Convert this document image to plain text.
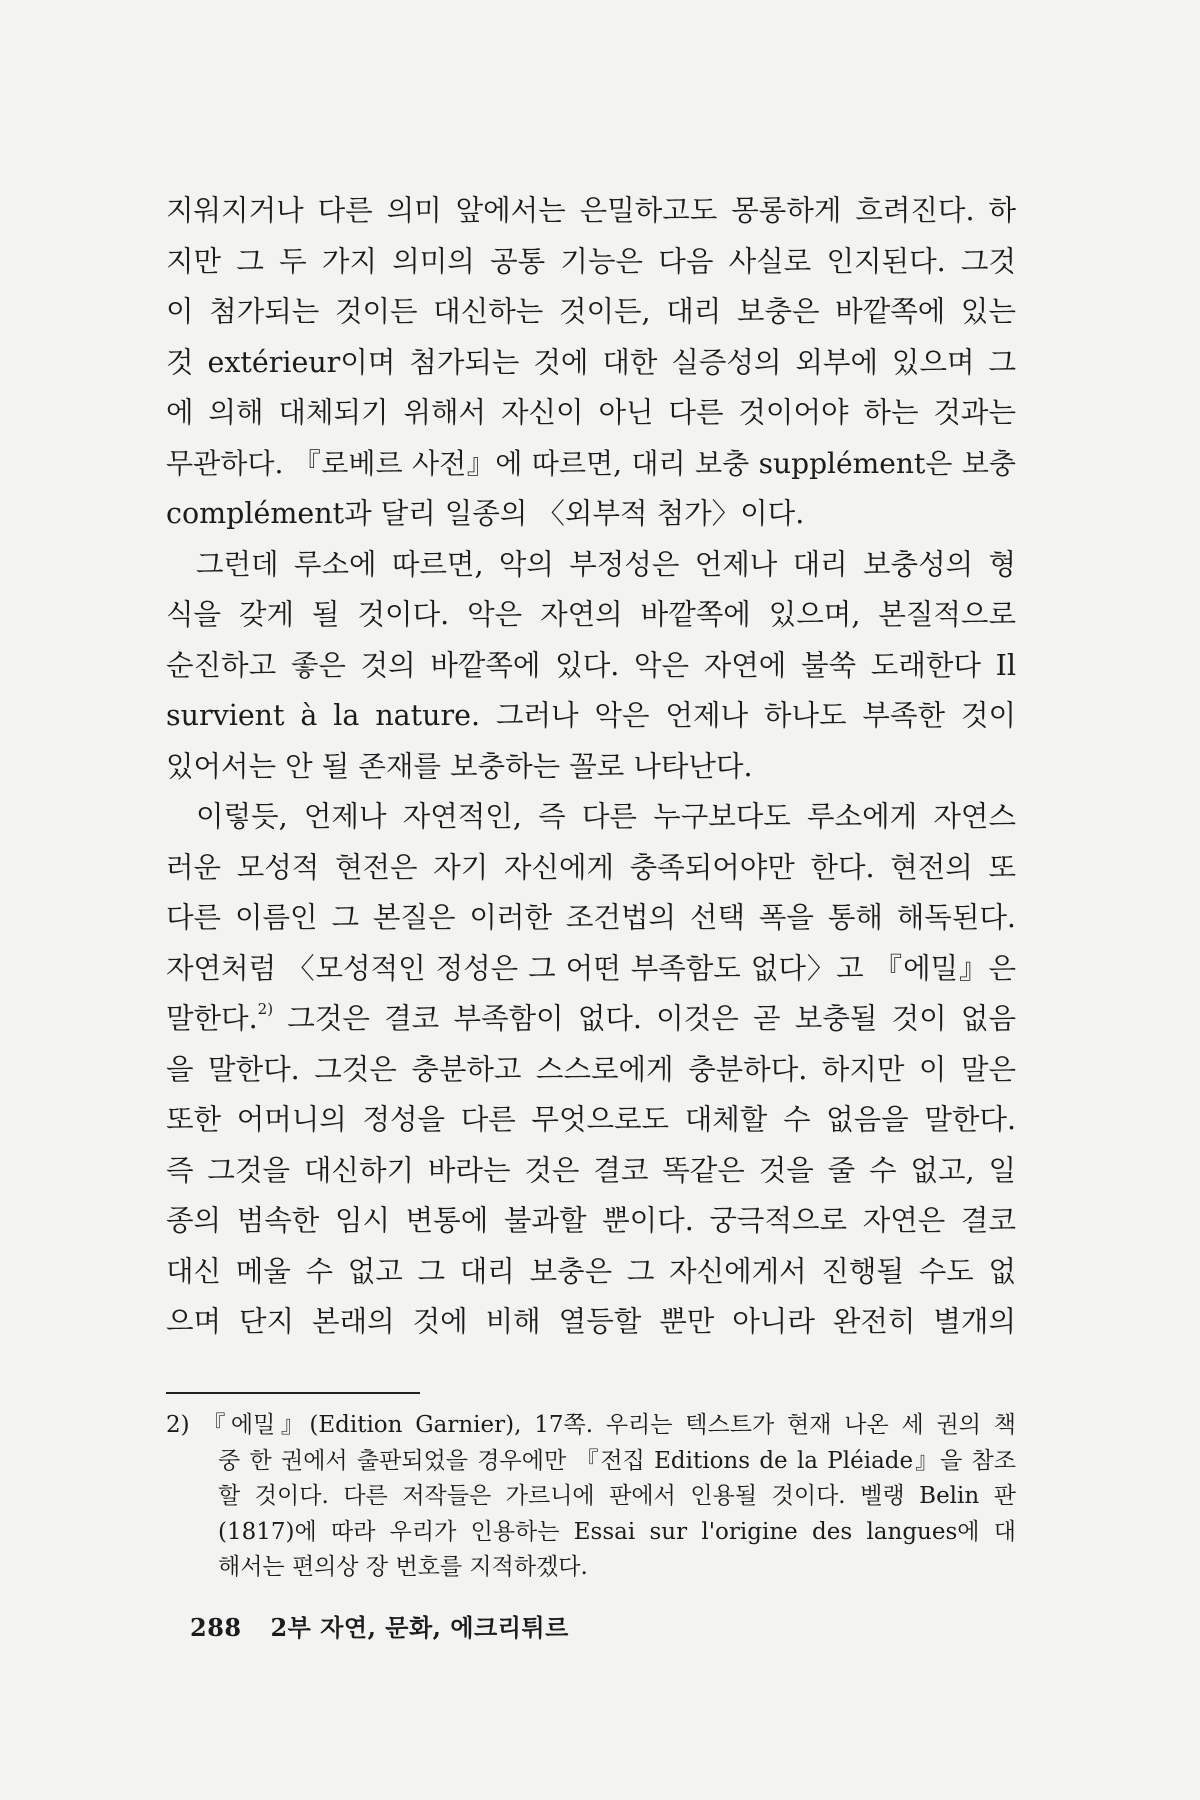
지워지거나 다른 의미 앞에서는 은밀하고도 몽롱하게 흐려진다. 하
지만 그 두 가지 의미의 공통 기능은 다음 사실로 인지된다. 그것
이 첨가되는 것이든 대신하는 것이든, 대리 보충은 바깥쪽에 있는
것 extérieur이며 첨가되는 것에 대한 실증성의 외부에 있으며 그
에 의해 대체되기 위해서 자신이 아닌 다른 것이어야 하는 것과는
무관하다. 『로베르 사전』에 따르면, 대리 보충 supplément은 보충
complément과 달리 일종의 〈외부적 첨가〉이다.

그런데 루소에 따르면, 악의 부정성은 언제나 대리 보충성의 형
식을 갖게 될 것이다. 악은 자연의 바깥쪽에 있으며, 본질적으로
순진하고 좋은 것의 바깥쪽에 있다. 악은 자연에 불쑥 도래한다 Il
survient à la nature. 그러나 악은 언제나 하나도 부족한 것이
있어서는 안 될 존재를 보충하는 꼴로 나타난다.

이렇듯, 언제나 자연적인, 즉 다른 누구보다도 루소에게 자연스
러운 모성적 현전은 자기 자신에게 충족되어야만 한다. 현전의 또
다른 이름인 그 본질은 이러한 조건법의 선택 폭을 통해 해독된다.
자연처럼 〈모성적인 정성은 그 어떤 부족함도 없다〉고 『에밀』은
말한다.$^{2)}$ 그것은 결코 부족함이 없다. 이것은 곧 보충될 것이 없음
을 말한다. 그것은 충분하고 스스로에게 충분하다. 하지만 이 말은
또한 어머니의 정성을 다른 무엇으로도 대체할 수 없음을 말한다.
즉 그것을 대신하기 바라는 것은 결코 똑같은 것을 줄 수 없고, 일
종의 범속한 임시 변통에 불과할 뿐이다. 궁극적으로 자연은 결코
대신 메울 수 없고 그 대리 보충은 그 자신에게서 진행될 수도 없
으며 단지 본래의 것에 비해 열등할 뿐만 아니라 완전히 별개의

2) 『에밀』(Edition Garnier), 17쪽. 우리는 텍스트가 현재 나온 세 권의 책
중 한 권에서 출판되었을 경우에만 『전집 Editions de la Pléiade』을 참조
할 것이다. 다른 저작들은 가르니에 판에서 인용될 것이다. 벨랭 Belin 판
(1817)에 따라 우리가 인용하는 Essai sur l'origine des langues에 대
해서는 편의상 장 번호를 지적하겠다.
288 2부 자연, 문화, 에크리튀르
